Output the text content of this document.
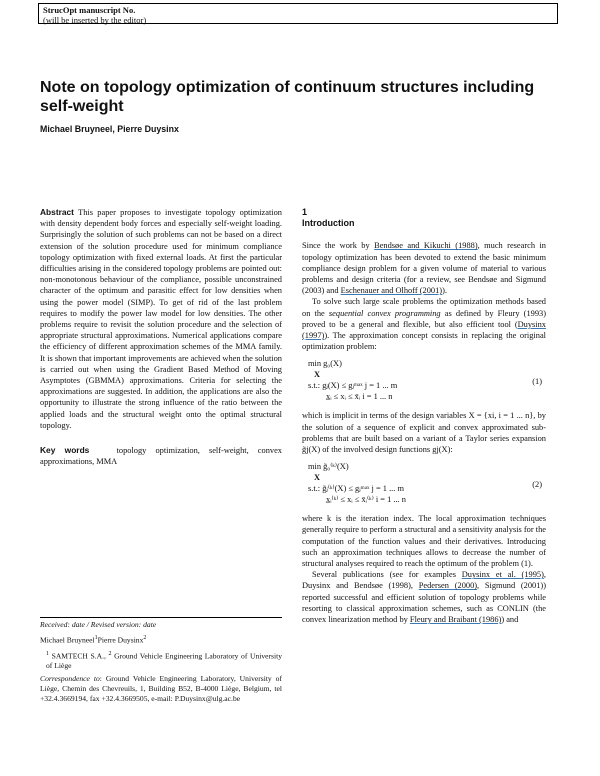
StrucOpt manuscript No.
(will be inserted by the editor)
Note on topology optimization of continuum structures including self-weight
Michael Bruyneel, Pierre Duysinx
Abstract This paper proposes to investigate topology optimization with density dependent body forces and especially self-weight loading. Surprisingly the solution of such problems can not be based on a direct extension of the solution procedure used for minimum compliance topology optimization with fixed external loads. At first the particular difficulties arising in the considered topology problems are pointed out: non-monotonous behaviour of the compliance, possible unconstrained character of the optimum and parasitic effect for low densities when using the power model (SIMP). To get of rid of the last problem requires to modify the power law model for low densities. The other problems require to revisit the solution procedure and the selection of appropriate structural approximations. Numerical applications compare the efficiency of different approximation schemes of the MMA family. It is shown that important improvements are achieved when the solution is carried out when using the Gradient Based Method of Moving Asymptotes (GBMMA) approximations. Criteria for selecting the approximations are suggested. In addition, the applications are also the opportunity to illustrate the strong influence of the ratio between the applied loads and the structural weight onto the optimal structural topology.
Key words	topology optimization, self-weight, convex approximations, MMA

Received: date / Revised version: date

Michael Bruyneel$^1$Pierre Duysinx$^2$

$^1$ SAMTECH S.A., $^2$ Ground Vehicle Engineering Laboratory of University of Liège

Correspondence to: Ground Vehicle Engineering Laboratory, University of Liège, Chemin des Chevreuils, 1, Building B52, B-4000 Liège, Belgium, tel +32.4.3669194, fax +32.4.3669505, e-mail: P.Duysinx@ulg.ac.be

1
Introduction

Since the work by Bendsøe and Kikuchi (1988), much research in topology optimization has been devoted to extend the basic minimum compliance design problem for a given volume of material to various problems and design criteria (for a review, see Bendsøe and Sigmund (2003) and Eschenauer and Olhoff (2001)).

To solve such large scale problems the optimization methods based on the sequential convex programming as defined by Fleury (1993) proved to be a general and flexible, but also efficient tool (Duysinx (1997)). The approximation concept consists in replacing the original optimization problem:

min g₀(X)
X
s.t.: gⱼ(X) ≤ gⱼᵐᵃˣ j = 1 ... m
x̲ᵢ ≤ xᵢ ≤ x̄ᵢ i = 1 ... n
(1)

which is implicit in terms of the design variables X = {xi, i = 1 ... n}, by the solution of a sequence of explicit and convex approximated sub-problems that are built based on a variant of a Taylor series expansion g̃j(X) of the involved design functions gj(X):

min g̃₀⁽ᵏ⁾(X)
X
s.t.: g̃ⱼ⁽ᵏ⁾(X) ≤ gⱼᵐᵃˣ j = 1 ... m
x̲ᵢ⁽ᵏ⁾ ≤ xᵢ ≤ x̄ᵢ⁽ᵏ⁾ i = 1 ... n
(2)

where k is the iteration index. The local approximation techniques generally require to perform a structural and a sensitivity analysis for the computation of the function values and their derivatives. Introducing such an approximation techniques allows to decrease the number of structural analyses required to reach the optimum of the problem (1).

Several publications (see for examples Duysinx et al. (1995), Duysinx and Bendsøe (1998), Pedersen (2000), Sigmund (2001)) reported successful and efficient solution of topology problems while resorting to classical approximation schemes, such as CONLIN (the convex linearization method by Fleury and Braibant (1986)) and
